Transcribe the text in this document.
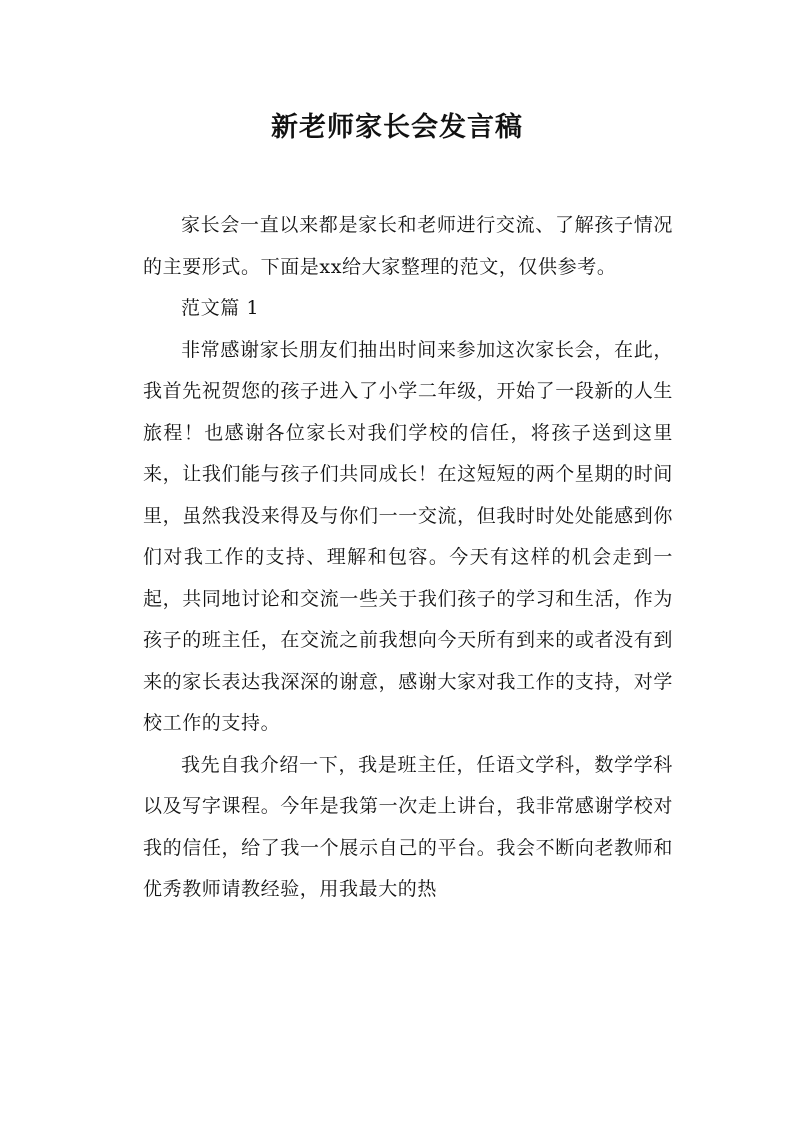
新老师家长会发言稿

家长会一直以来都是家长和老师进行交流、了解孩子情况的主要形式。下面是xx给大家整理的范文，仅供参考。

范文篇 1

非常感谢家长朋友们抽出时间来参加这次家长会，在此，我首先祝贺您的孩子进入了小学二年级，开始了一段新的人生旅程！也感谢各位家长对我们学校的信任，将孩子送到这里来，让我们能与孩子们共同成长！在这短短的两个星期的时间里，虽然我没来得及与你们一一交流，但我时时处处能感到你们对我工作的支持、理解和包容。今天有这样的机会走到一起，共同地讨论和交流一些关于我们孩子的学习和生活，作为孩子的班主任，在交流之前我想向今天所有到来的或者没有到来的家长表达我深深的谢意，感谢大家对我工作的支持，对学校工作的支持。

我先自我介绍一下，我是班主任，任语文学科，数学学科以及写字课程。今年是我第一次走上讲台，我非常感谢学校对我的信任，给了我一个展示自己的平台。我会不断向老教师和优秀教师请教经验，用我最大的热
